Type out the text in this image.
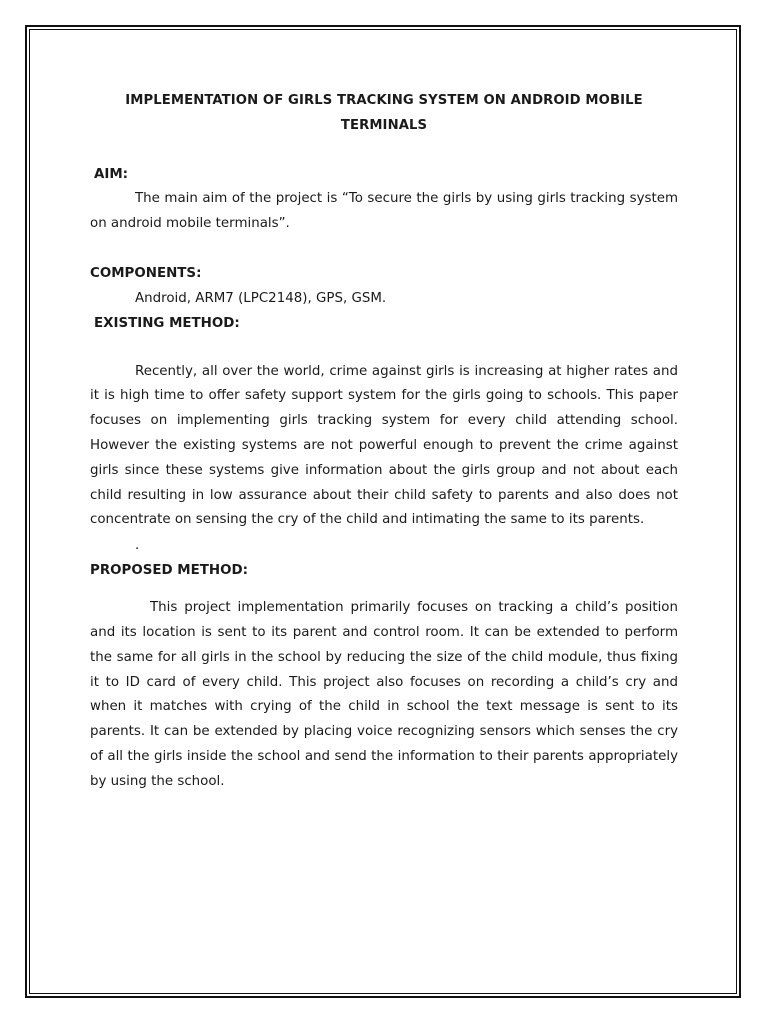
IMPLEMENTATION OF GIRLS TRACKING SYSTEM ON ANDROID MOBILE TERMINALS

AIM:

The main aim of the project is “To secure the girls by using girls tracking system on android mobile terminals”.

COMPONENTS:

Android, ARM7 (LPC2148), GPS, GSM.

EXISTING METHOD:

Recently, all over the world, crime against girls is increasing at higher rates and it is high time to offer safety support system for the girls going to schools. This paper focuses on implementing girls tracking system for every child attending school. However the existing systems are not powerful enough to prevent the crime against girls since these systems give information about the girls group and not about each child resulting in low assurance about their child safety to parents and also does not concentrate on sensing the cry of the child and intimating the same to its parents.

.

PROPOSED METHOD:

This project implementation primarily focuses on tracking a child’s position and its location is sent to its parent and control room. It can be extended to perform the same for all girls in the school by reducing the size of the child module, thus fixing it to ID card of every child. This project also focuses on recording a child’s cry and when it matches with crying of the child in school the text message is sent to its parents. It can be extended by placing voice recognizing sensors which senses the cry of all the girls inside the school and send the information to their parents appropriately by using the school.
